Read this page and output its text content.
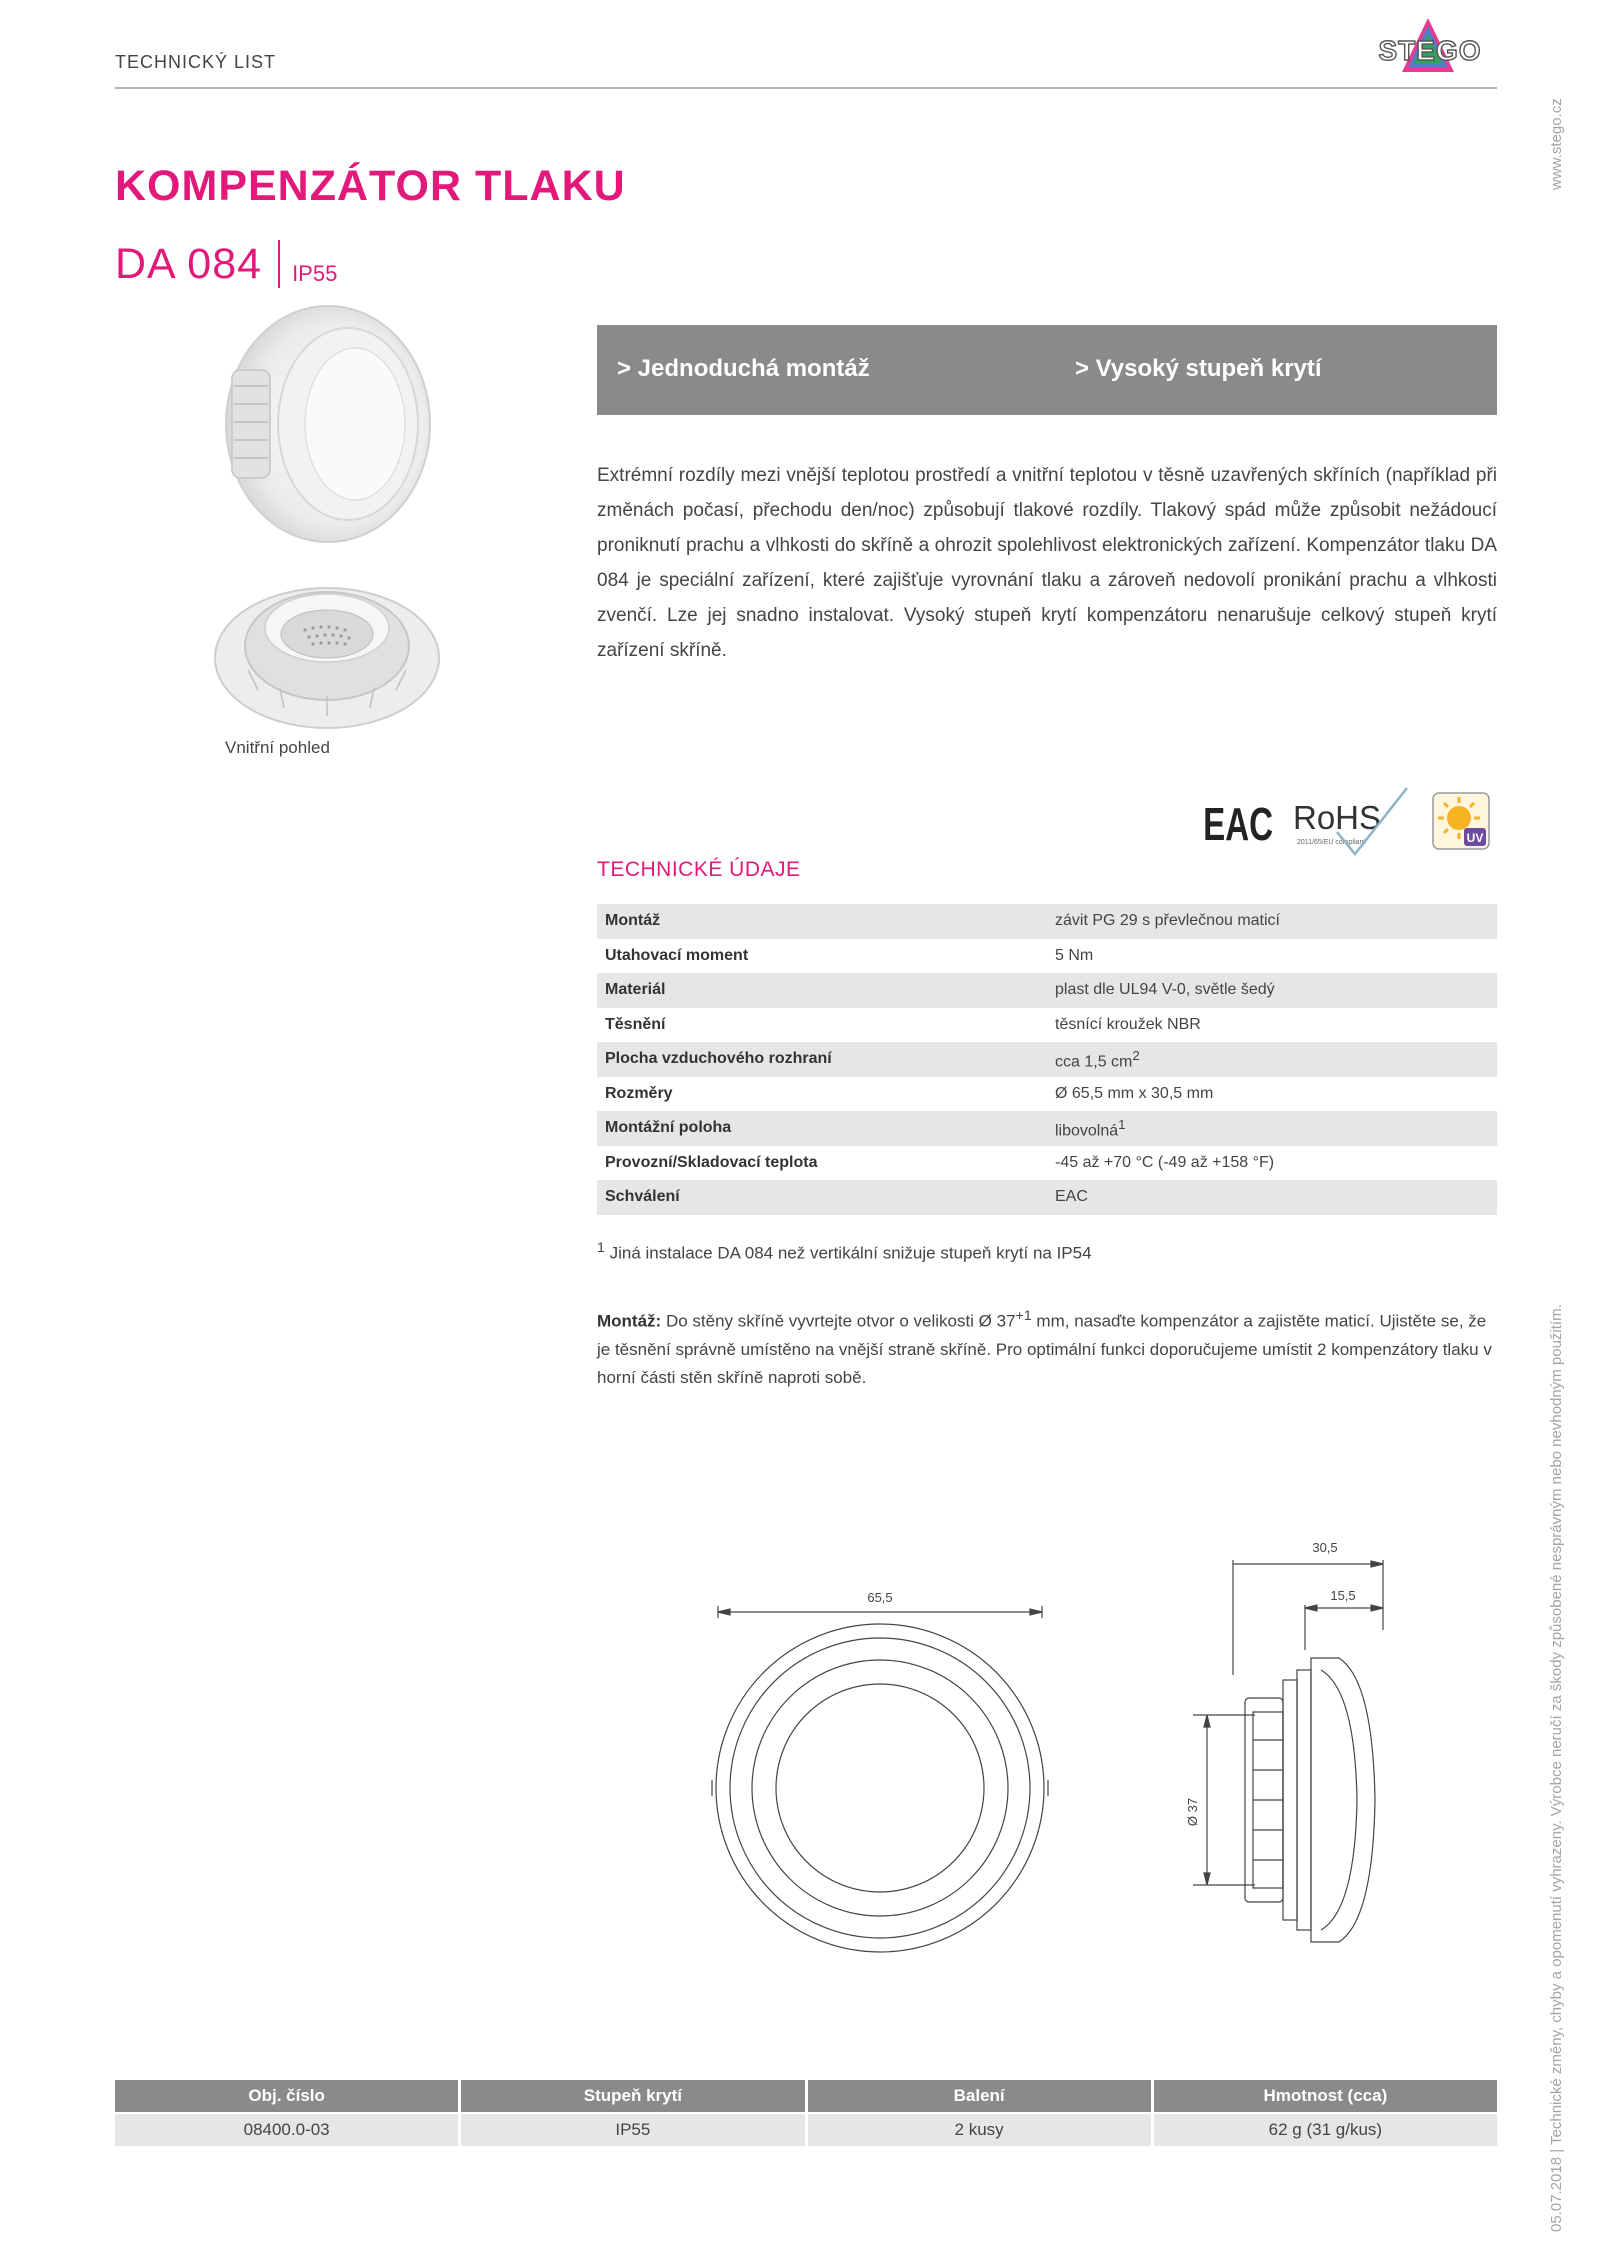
TECHNICKÝ LIST	STEGO
www.stego.cz
05.07.2018 | Technické změny, chyby a opomenutí vyhrazeny. Výrobce neručí za škody způsobené nesprávným nebo nevhodným použitím.
KOMPENZÁTOR TLAKU
DA 084 IP55
Vnitřní pohled
> Jednoduchá montáž	> Vysoký stupeň krytí
Extrémní rozdíly mezi vnější teplotou prostředí a vnitřní teplotou v těsně uzavřených skříních (například při změnách počasí, přechodu den/noc) způsobují tlakové rozdíly. Tlakový spád může způsobit nežádoucí proniknutí prachu a vlhkosti do skříně a ohrozit spolehlivost elektronických zařízení. Kompenzátor tlaku DA 084 je speciální zařízení, které zajišťuje vyrovnání tlaku a zároveň nedovolí pronikání prachu a vlhkosti zvenčí. Lze jej snadno instalovat. Vysoký stupeň krytí kompenzátoru nenarušuje celkový stupeň krytí zařízení skříně.
EAC RoHS
2011/65/EU compliant	UV
TECHNICKÉ ÚDAJE
Montáž	závit PG 29 s převlečnou maticí
Utahovací moment	5 Nm
Materiál	plast dle UL94 V-0, světle šedý
Těsnění	těsnící kroužek NBR
Plocha vzduchového rozhraní	cca 1,5 $cm^2$
Rozměry	Ø 65,5 mm x 30,5 mm
Montážní poloha	libovolná$^1$
Provozní/Skladovací teplota	-45 až +70 °C (-49 až +158 °F)
Schválení	EAC
$^1$ Jiná instalace DA 084 než vertikální snižuje stupeň krytí na IP54
Montáž: Do stěny skříně vyvrtejte otvor o velikosti Ø $37^{+1}$ mm, nasaďte kompenzátor a zajistěte maticí. Ujistěte se, že je těsnění správně umístěno na vnější straně skříně. Pro optimální funkci doporučujeme umístit 2 kompenzátory tlaku v horní části stěn skříně naproti sobě.
65,5
30,5
15,5
Ø 37
Obj. číslo	Stupeň krytí	Balení	Hmotnost (cca)
08400.0-03	IP55	2 kusy	62 g (31 g/kus)
